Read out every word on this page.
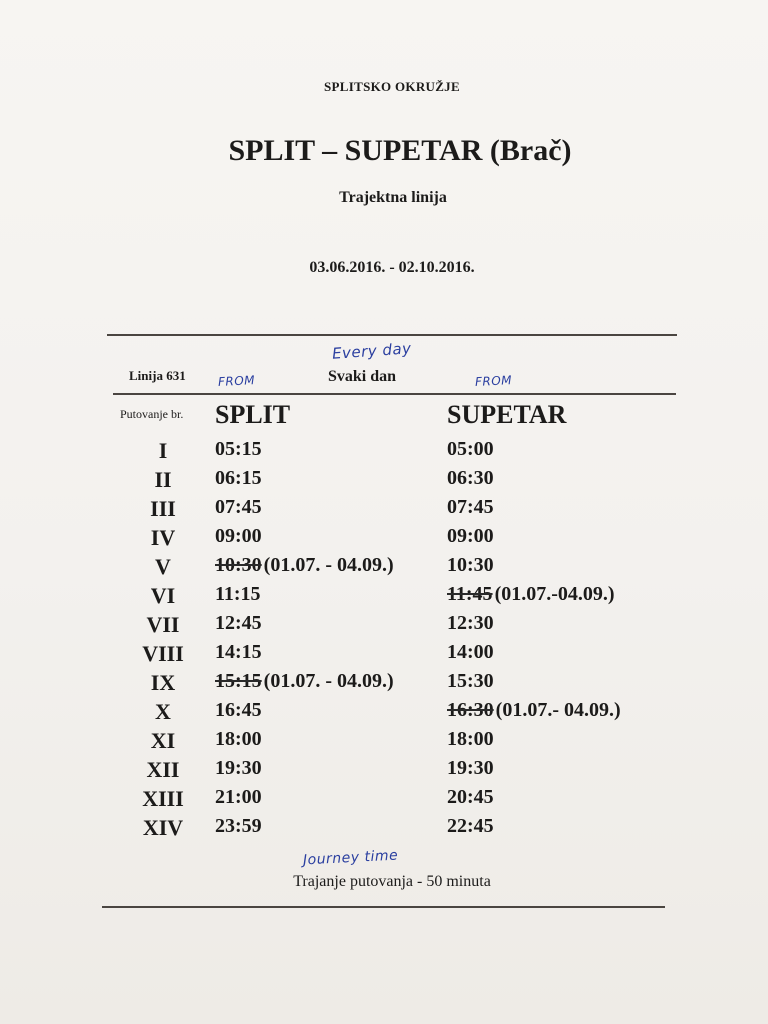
SPLITSKO OKRUŽJE
SPLIT – SUPETAR (Brač)
Trajektna linija
03.06.2016. - 02.10.2016.
Every day
Linija 631	Svaki dan
FROM	FROM
Putovanje br. SPLIT	SUPETAR
I	05:15	05:00
II	06:15	06:30
III	07:45	07:45
IV	09:00	09:00
V	10:30 (01.07. - 04.09.)	10:30
VI	11:15	11:45 (01.07.-04.09.)
VII	12:45	12:30
VIII	14:15	14:00
IX	15:15 (01.07. - 04.09.)	15:30
X	16:45	16:30 (01.07.- 04.09.)
XI	18:00	18:00
XII	19:30	19:30
XIII	21:00	20:45
XIV	23:59	22:45
Journey time
Trajanje putovanja - 50 minuta
